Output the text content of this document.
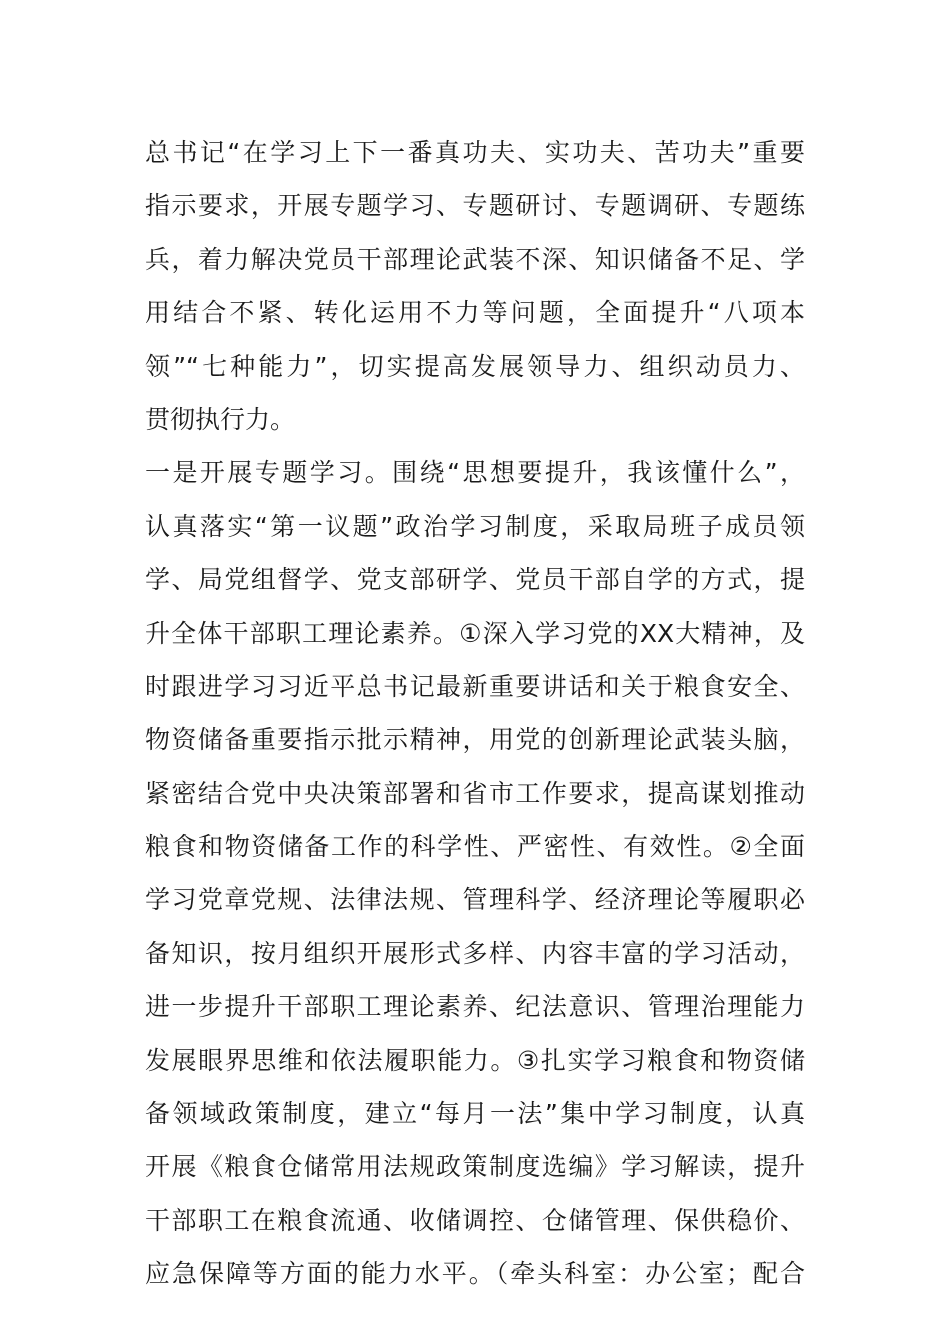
总书记“在学习上下一番真功夫、实功夫、苦功夫”重要
指示要求，开展专题学习、专题研讨、专题调研、专题练
兵，着力解决党员干部理论武装不深、知识储备不足、学
用结合不紧、转化运用不力等问题，全面提升“八项本
领”“七种能力”，切实提高发展领导力、组织动员力、
贯彻执行力。
一是开展专题学习。围绕“思想要提升，我该懂什么”，
认真落实“第一议题”政治学习制度，采取局班子成员领
学、局党组督学、党支部研学、党员干部自学的方式，提
升全体干部职工理论素养。①深入学习党的XX大精神，及
时跟进学习习近平总书记最新重要讲话和关于粮食安全、
物资储备重要指示批示精神，用党的创新理论武装头脑，
紧密结合党中央决策部署和省市工作要求，提高谋划推动
粮食和物资储备工作的科学性、严密性、有效性。②全面
学习党章党规、法律法规、管理科学、经济理论等履职必
备知识，按月组织开展形式多样、内容丰富的学习活动，
进一步提升干部职工理论素养、纪法意识、管理治理能力
发展眼界思维和依法履职能力。③扎实学习粮食和物资储
备领域政策制度，建立“每月一法”集中学习制度，认真
开展《粮食仓储常用法规政策制度选编》学习解读，提升
干部职工在粮食流通、收储调控、仓储管理、保供稳价、
应急保障等方面的能力水平。（牵头科室：办公室；配合
